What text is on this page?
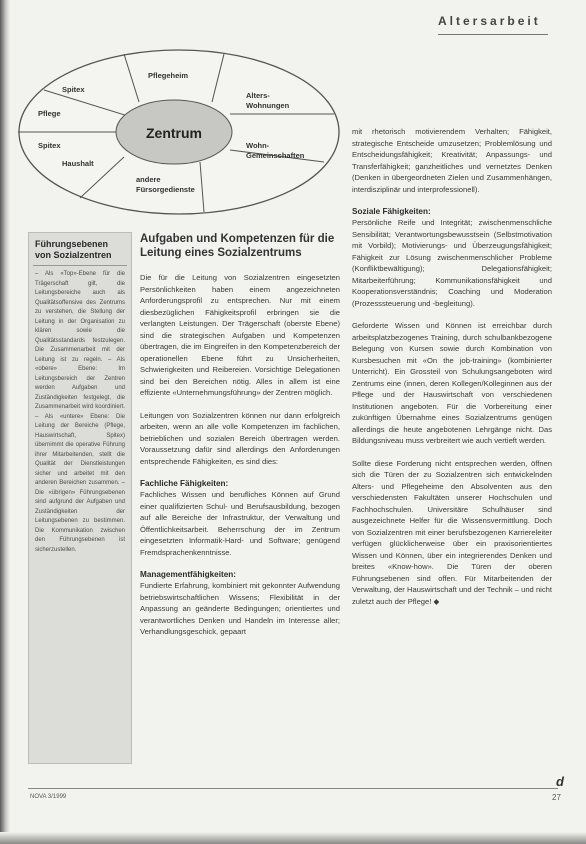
Altersarbeit
Zentrum
Pflegeheim
Alters-
Wohnungen
Wohn-
Gemeinschaften
andere
Fürsorgedienste
Haushalt
Spitex
Pflege
Spitex
Führungsebenen von Sozialzentren
– Als «Top»-Ebene für die Trägerschaft gilt, die Leitungsbereiche auch als Qualitätsoffensive des Zentrums zu verstehen, die Stellung der Leitung in der Organisation zu klären sowie die Qualitätsstandards festzulegen. Die Zusammenarbeit mit der Leitung ist zu regeln. – Als «obere» Ebene: Im Leitungsbereich der Zentren werden Aufgaben und Zuständigkeiten festgelegt, die Zusammenarbeit wird koordiniert. – Als «untere» Ebene: Die Leitung der Bereiche (Pflege, Hauswirtschaft, Spitex) übernimmt die operative Führung ihrer Mitarbeitenden, stellt die Qualität der Dienstleistungen sicher und arbeitet mit den anderen Bereichen zusammen. – Die «übrigen» Führungsebenen sind aufgrund der Aufgaben und Zuständigkeiten der Leitungsebenen zu bestimmen. Die Kommunikation zwischen den Führungsebenen ist sicherzustellen.
Aufgaben und Kompetenzen für die Leitung eines Sozialzentrums

Die für die Leitung von Sozialzentren eingesetzten Persönlichkeiten haben einem angezeichneten Anforderungsprofil zu entsprechen. Nur mit einem diesbezüglichen Fähigkeitsprofil erbringen sie die verlangten Leistungen. Der Trägerschaft (oberste Ebene) sind die strategischen Aufgaben und Kompetenzen übertragen, die im Eingreifen in den Kompetenzbereich der operationellen Ebene führt zu Unsicherheiten, Schwierigkeiten und Reibereien. Vorsichtige Delegationen sind bei den Bereichen nötig. Alles in allem ist eine effiziente «Unternehmungsführung» der Zentren möglich.

Leitungen von Sozialzentren können nur dann erfolgreich arbeiten, wenn an alle volle Kompetenzen im fachlichen, betrieblichen und sozialen Bereich übertragen werden. Voraussetzung dafür sind allerdings den Anforderungen entsprechende Fähigkeiten, es sind dies:

Fachliche Fähigkeiten:

Fachliches Wissen und berufliches Können auf Grund einer qualifizierten Schul- und Berufsausbildung, bezogen auf alle Bereiche der Infrastruktur, der Verwaltung und Öffentlichkeitsarbeit. Beherrschung der im Zentrum eingesetzten Informatik-Hard- und Software; genügend Fremdsprachenkenntnisse.

Managementfähigkeiten:

Fundierte Erfahrung, kombiniert mit gekonnter Aufwendung betriebswirtschaftlichen Wissens; Flexibilität in der Anpassung an geänderte Bedingungen; orientiertes und verantwortliches Denken und Handeln im Interesse aller; Verhandlungsgeschick, gepaart

mit rhetorisch motivierendem Verhalten; Fähigkeit, strategische Entscheide umzusetzen; Problemlösung und Entscheidungsfähigkeit; Kreativität; Anpassungs- und Transferfähigkeit; ganzheitliches und vernetztes Denken (Denken in übergeordneten Zielen und Zusammenhängen, interdisziplinär und interprofessionell).

Soziale Fähigkeiten:

Persönliche Reife und Integrität; zwischenmenschliche Sensibilität; Verantwortungsbewusstsein (Selbstmotivation mit Vorbild); Motivierungs- und Überzeugungsfähigkeit; Fähigkeit zur Lösung zwischenmenschlicher Probleme (Konfliktbewältigung); Delegationsfähigkeit; Mitarbeiterführung; Kommunikationsfähigkeit und Kooperationsverständnis; Coaching und Moderation (Prozesssteuerung und -begleitung).

Geforderte Wissen und Können ist erreichbar durch arbeitsplatzbezogenes Training, durch schulbankbezogene Belegung von Kursen sowie durch Kombination von Kursbesuchen mit «On the job-training» (kombinierter Unterricht). Ein Grossteil von Schulungsangeboten wird Zentrums eine (innen, deren Kollegen/Kolleginnen aus der Pflege und der Hauswirtschaft von verschiedenen Institutionen angeboten. Für die Vorbereitung einer zukünftigen Übernahme eines Sozialzentrums genügen allerdings die heute angebotenen Lehrgänge nicht. Das Bildungsniveau muss verbreitert wie auch vertieft werden.

Sollte diese Forderung nicht entsprechen werden, öffnen sich die Türen der zu Sozialzentren sich entwickelnden Alters- und Pflegeheime den Absolventen aus den verschiedensten Fakultäten unserer Hochschulen und Fachhochschulen. Universitäre Schulhäuser sind ausgezeichnete Helfer für die Wissensvermittlung. Doch von Sozialzentren mit einer berufsbezogenen Karriereleiter verfügen glücklicherweise über ein praxisorientiertes Wissen und Können, über ein integrierendes Denken und breites «Know-how». Die Türen der oberen Führungsebenen sind offen. Für Mitarbeitenden der Verwaltung, der Hauswirtschaft und der Technik – und nicht zuletzt auch der Pflege! ◆

d
NOVA 3/1999	27
